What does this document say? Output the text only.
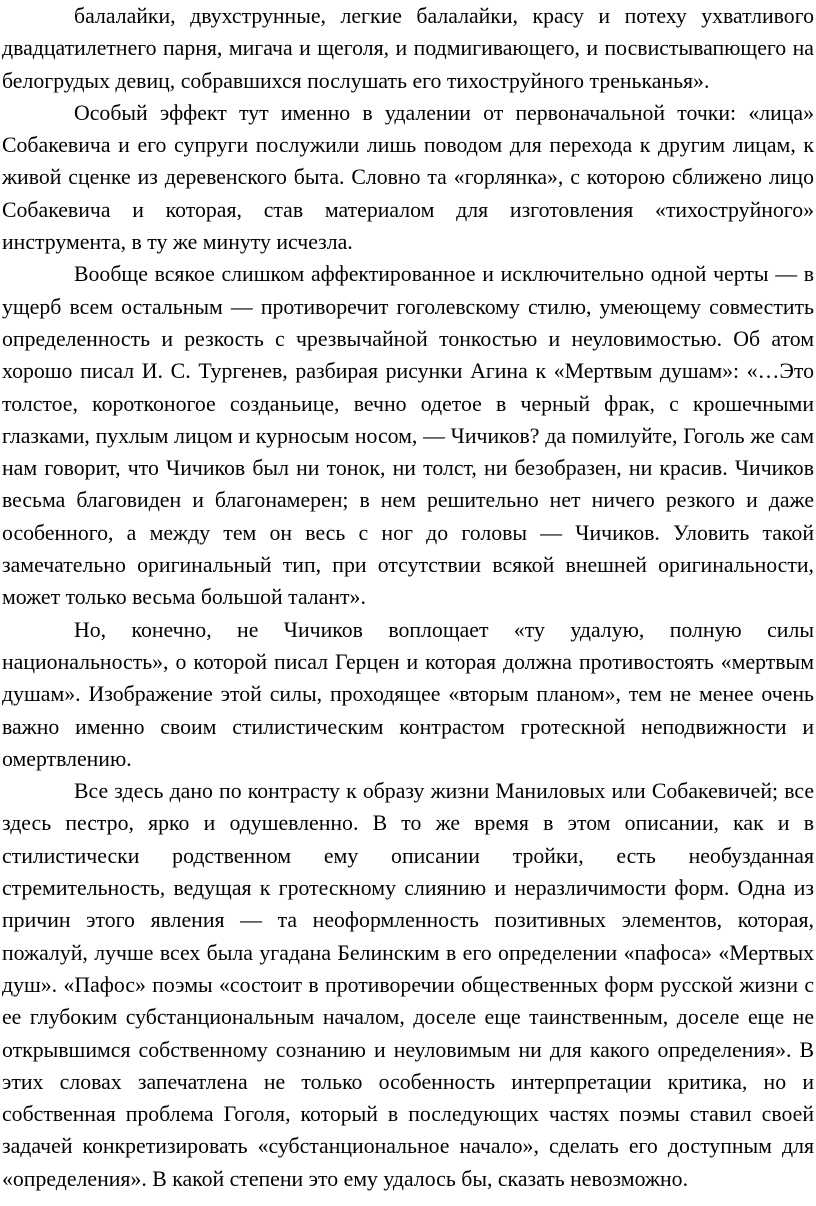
балалайки, двухструнные, легкие балалайки, красу и потеху ухватливого двадцатилетнего парня, мигача и щеголя, и подмигивающего, и посвистывапющего на белогрудых девиц, собравшихся послушать его тихоструйного треньканья».

Особый эффект тут именно в удалении от первоначальной точки: «лица» Собакевича и его супруги послужили лишь поводом для перехода к другим лицам, к живой сценке из деревенского быта. Словно та «горлянка», с которою сближено лицо Собакевича и которая, став материалом для изготовления «тихоструйного» инструмента, в ту же минуту исчезла.

Вообще всякое слишком аффектированное и исключительно одной черты — в ущерб всем остальным — противоречит гоголевскому стилю, умеющему совместить определенность и резкость с чрезвычайной тонкостью и неуловимостью. Об атом хорошо писал И. С. Тургенев, разбирая рисунки Агина к «Мертвым душам»: «…Это толстое, коротконогое созданьице, вечно одетое в черный фрак, с крошечными глазками, пухлым лицом и курносым носом, — Чичиков? да помилуйте, Гоголь же сам нам говорит, что Чичиков был ни тонок, ни толст, ни безобразен, ни красив. Чичиков весьма благовиден и благонамерен; в нем решительно нет ничего резкого и даже особенного, а между тем он весь с ног до головы — Чичиков. Уловить такой замечательно оригинальный тип, при отсутствии всякой внешней оригинальности, может только весьма большой талант».

Но, конечно, не Чичиков воплощает «ту удалую, полную силы национальность», о которой писал Герцен и которая должна противостоять «мертвым душам». Изображение этой силы, проходящее «вторым планом», тем не менее очень важно именно своим стилистическим контрастом гротескной неподвижности и омертвлению.

Все здесь дано по контрасту к образу жизни Маниловых или Собакевичей; все здесь пестро, ярко и одушевленно. В то же время в этом описании, как и в стилистически родственном ему описании тройки, есть необузданная стремительность, ведущая к гротескному слиянию и неразличимости форм. Одна из причин этого явления — та неоформленность позитивных элементов, которая, пожалуй, лучше всех была угадана Белинским в его определении «пафоса» «Мертвых душ». «Пафос» поэмы «состоит в противоречии общественных форм русской жизни с ее глубоким субстанциональным началом, доселе еще таинственным, доселе еще не открывшимся собственному сознанию и неуловимым ни для какого определения». В этих словах запечатлена не только особенность интерпретации критика, но и собственная проблема Гоголя, который в последующих частях поэмы ставил своей задачей конкретизировать «субстанциональное начало», сделать его доступным для «определения». В какой степени это ему удалось бы, сказать невозможно.
